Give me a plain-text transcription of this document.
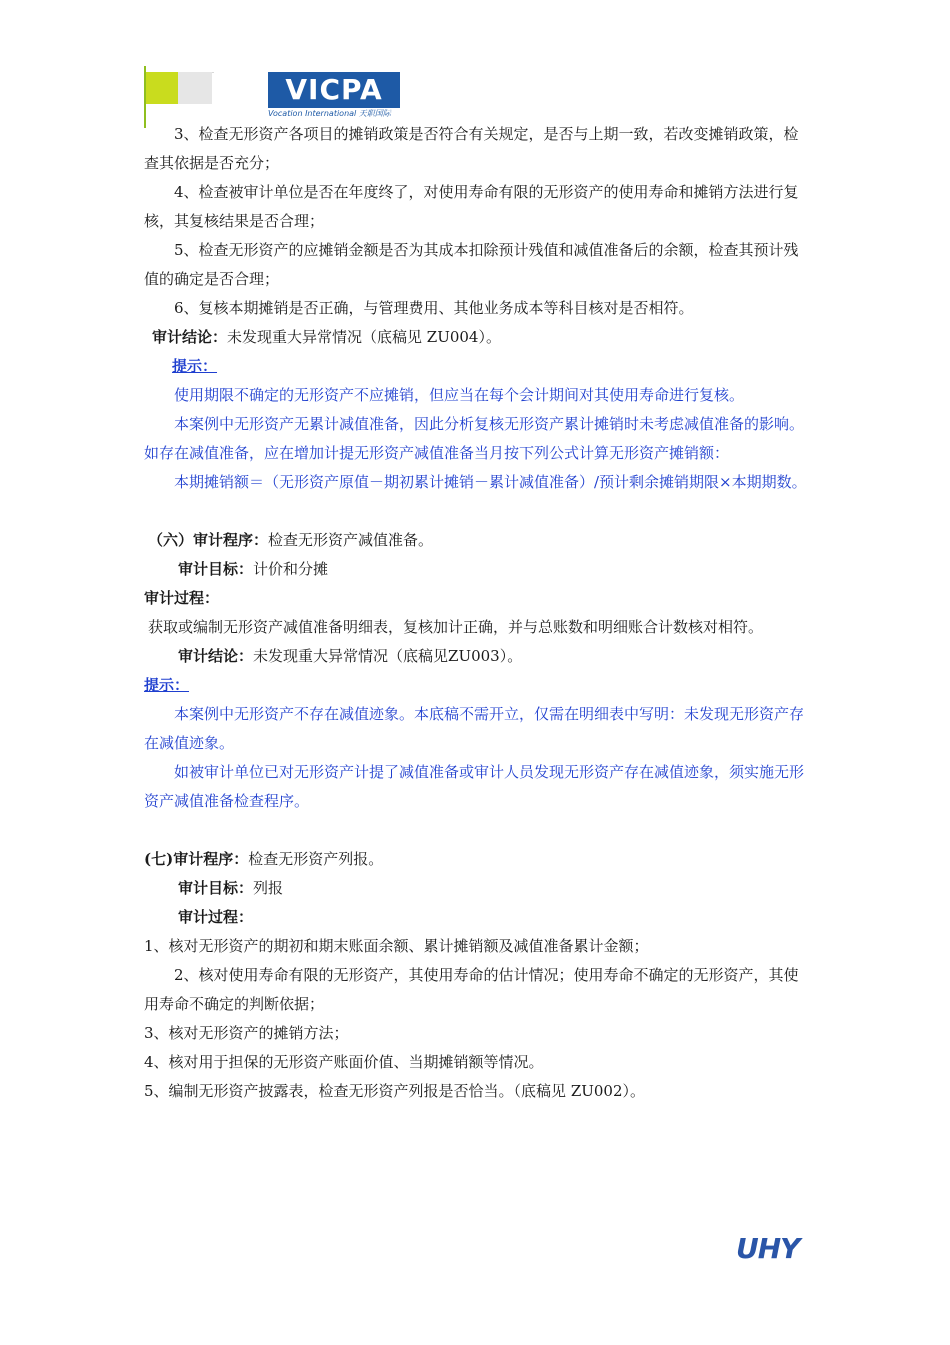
VICPA
Vocation International 天职国际

3、检查无形资产各项目的摊销政策是否符合有关规定，是否与上期一致，若改变摊销政策，检查其依据是否充分；

4、检查被审计单位是否在年度终了，对使用寿命有限的无形资产的使用寿命和摊销方法进行复核，其复核结果是否合理；

5、检查无形资产的应摊销金额是否为其成本扣除预计残值和减值准备后的余额，检查其预计残值的确定是否合理；

6、复核本期摊销是否正确，与管理费用、其他业务成本等科目核对是否相符。

审计结论：未发现重大异常情况（底稿见 ZU004）。

提示：

使用期限不确定的无形资产不应摊销，但应当在每个会计期间对其使用寿命进行复核。

本案例中无形资产无累计减值准备，因此分析复核无形资产累计摊销时未考虑减值准备的影响。如存在减值准备，应在增加计提无形资产减值准备当月按下列公式计算无形资产摊销额：

本期摊销额＝（无形资产原值－期初累计摊销－累计减值准备）/预计剩余摊销期限×本期期数。

（六）审计程序：检查无形资产减值准备。

审计目标：计价和分摊

审计过程：

获取或编制无形资产减值准备明细表，复核加计正确，并与总账数和明细账合计数核对相符。

审计结论：未发现重大异常情况（底稿见ZU003）。

提示：

本案例中无形资产不存在减值迹象。本底稿不需开立，仅需在明细表中写明：未发现无形资产存在减值迹象。

如被审计单位已对无形资产计提了减值准备或审计人员发现无形资产存在减值迹象，须实施无形资产减值准备检查程序。

(七)审计程序：检查无形资产列报。

审计目标：列报

审计过程：

1、核对无形资产的期初和期末账面余额、累计摊销额及减值准备累计金额；

2、核对使用寿命有限的无形资产，其使用寿命的估计情况；使用寿命不确定的无形资产，其使用寿命不确定的判断依据；

3、核对无形资产的摊销方法；

4、核对用于担保的无形资产账面价值、当期摊销额等情况。

5、编制无形资产披露表，检查无形资产列报是否恰当。（底稿见 ZU002）。

UHY
